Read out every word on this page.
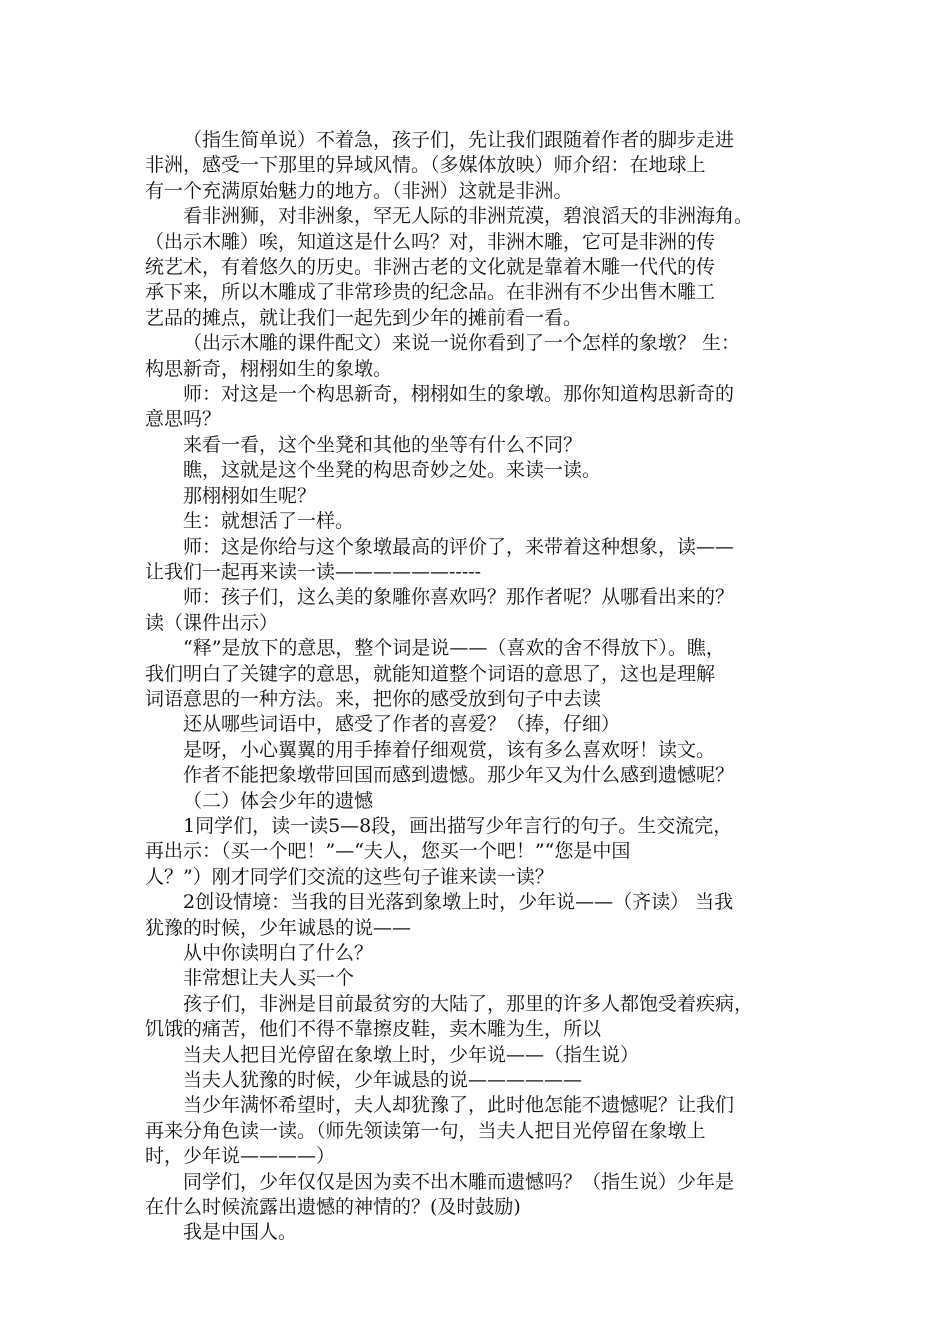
（指生简单说）不着急，孩子们，先让我们跟随着作者的脚步走进
非洲，感受一下那里的异域风情。（多媒体放映）师介绍：在地球上
有一个充满原始魅力的地方。（非洲）这就是非洲。

看非洲狮，对非洲象，罕无人际的非洲荒漠，碧浪滔天的非洲海角。
（出示木雕）唉，知道这是什么吗？对，非洲木雕，它可是非洲的传
统艺术，有着悠久的历史。非洲古老的文化就是靠着木雕一代代的传
承下来，所以木雕成了非常珍贵的纪念品。在非洲有不少出售木雕工
艺品的摊点，就让我们一起先到少年的摊前看一看。

（出示木雕的课件配文）来说一说你看到了一个怎样的象墩？ 生：
构思新奇，栩栩如生的象墩。

师：对这是一个构思新奇，栩栩如生的象墩。那你知道构思新奇的
意思吗？

来看一看，这个坐凳和其他的坐等有什么不同？

瞧，这就是这个坐凳的构思奇妙之处。来读一读。

那栩栩如生呢？

生：就想活了一样。

师：这是你给与这个象墩最高的评价了，来带着这种想象，读——
让我们一起再来读一读——————-----

师：孩子们，这么美的象雕你喜欢吗？那作者呢？从哪看出来的？
读（课件出示）

“释”是放下的意思，整个词是说——（喜欢的舍不得放下）。瞧，
我们明白了关键字的意思，就能知道整个词语的意思了，这也是理解
词语意思的一种方法。来，把你的感受放到句子中去读

还从哪些词语中，感受了作者的喜爱？（捧，仔细）

是呀，小心翼翼的用手捧着仔细观赏，该有多么喜欢呀！读文。

作者不能把象墩带回国而感到遗憾。那少年又为什么感到遗憾呢？

（二）体会少年的遗憾

1同学们，读一读5—8段，画出描写少年言行的句子。生交流完，
再出示：（买一个吧！”—“夫人，您买一个吧！”“您是中国
人？”）刚才同学们交流的这些句子谁来读一读？

2创设情境：当我的目光落到象墩上时，少年说——（齐读） 当我
犹豫的时候，少年诚恳的说——

从中你读明白了什么？

非常想让夫人买一个

孩子们，非洲是目前最贫穷的大陆了，那里的许多人都饱受着疾病，
饥饿的痛苦，他们不得不靠擦皮鞋，卖木雕为生，所以

当夫人把目光停留在象墩上时，少年说——（指生说）

当夫人犹豫的时候，少年诚恳的说——————

当少年满怀希望时，夫人却犹豫了，此时他怎能不遗憾呢？让我们
再来分角色读一读。（师先领读第一句，当夫人把目光停留在象墩上
时，少年说————）

同学们，少年仅仅是因为卖不出木雕而遗憾吗？（指生说）少年是
在什么时候流露出遗憾的神情的？(及时鼓励)

我是中国人。
